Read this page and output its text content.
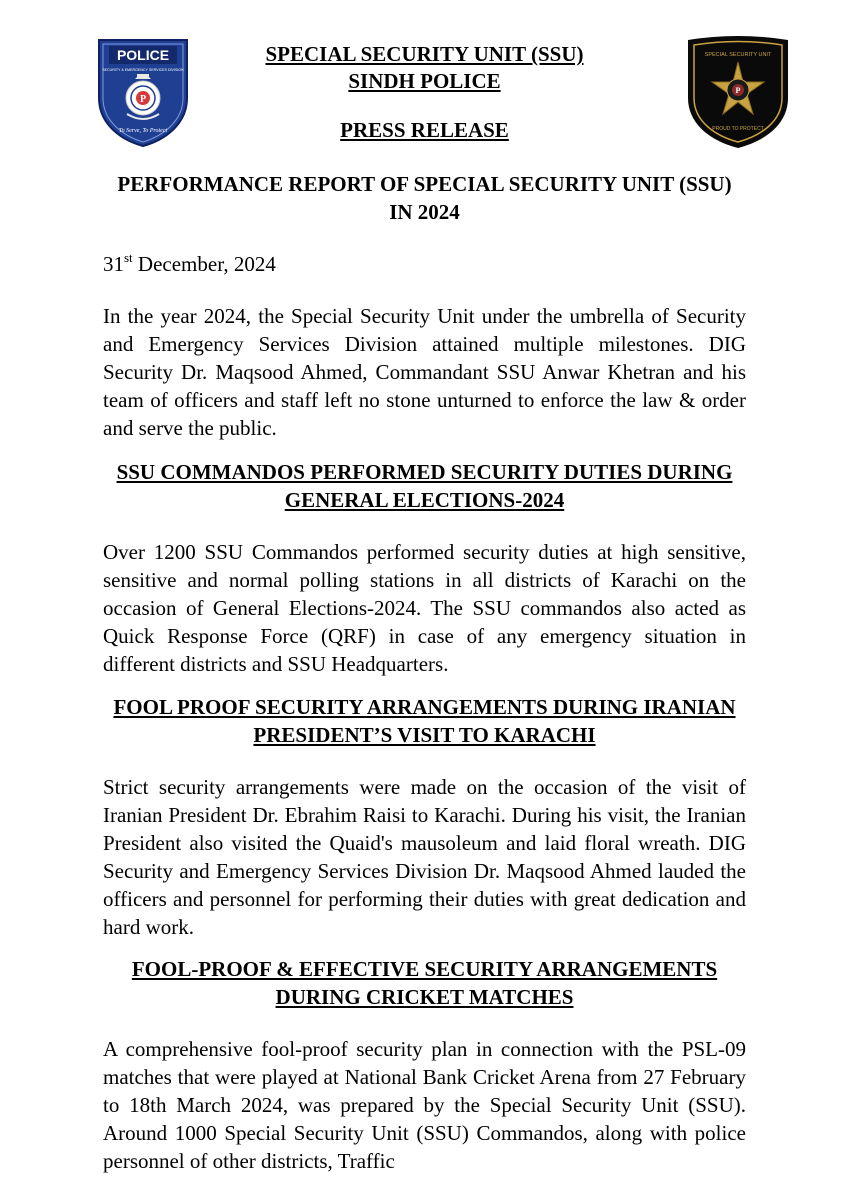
POLICE
SECURITY & EMERGENCY SERVICES DIVISION
P
To Serve, To Protect
P
SPECIAL SECURITY UNIT
PROUD TO PROTECT
SPECIAL SECURITY UNIT (SSU)
SINDH POLICE
PRESS RELEASE
PERFORMANCE REPORT OF SPECIAL SECURITY UNIT (SSU) IN 2024
31st December, 2024
In the year 2024, the Special Security Unit under the umbrella of Security and Emergency Services Division attained multiple milestones. DIG Security Dr. Maqsood Ahmed, Commandant SSU Anwar Khetran and his team of officers and staff left no stone unturned to enforce the law & order and serve the public.
SSU COMMANDOS PERFORMED SECURITY DUTIES DURING GENERAL ELECTIONS-2024
Over 1200 SSU Commandos performed security duties at high sensitive, sensitive and normal polling stations in all districts of Karachi on the occasion of General Elections-2024. The SSU commandos also acted as Quick Response Force (QRF) in case of any emergency situation in different districts and SSU Headquarters.
FOOL PROOF SECURITY ARRANGEMENTS DURING IRANIAN PRESIDENT’S VISIT TO KARACHI
Strict security arrangements were made on the occasion of the visit of Iranian President Dr. Ebrahim Raisi to Karachi. During his visit, the Iranian President also visited the Quaid's mausoleum and laid floral wreath. DIG Security and Emergency Services Division Dr. Maqsood Ahmed lauded the officers and personnel for performing their duties with great dedication and hard work.
FOOL-PROOF & EFFECTIVE SECURITY ARRANGEMENTS DURING CRICKET MATCHES
A comprehensive fool-proof security plan in connection with the PSL-09 matches that were played at National Bank Cricket Arena from 27 February to 18th March 2024, was prepared by the Special Security Unit (SSU). Around 1000 Special Security Unit (SSU) Commandos, along with police personnel of other districts, Traffic
